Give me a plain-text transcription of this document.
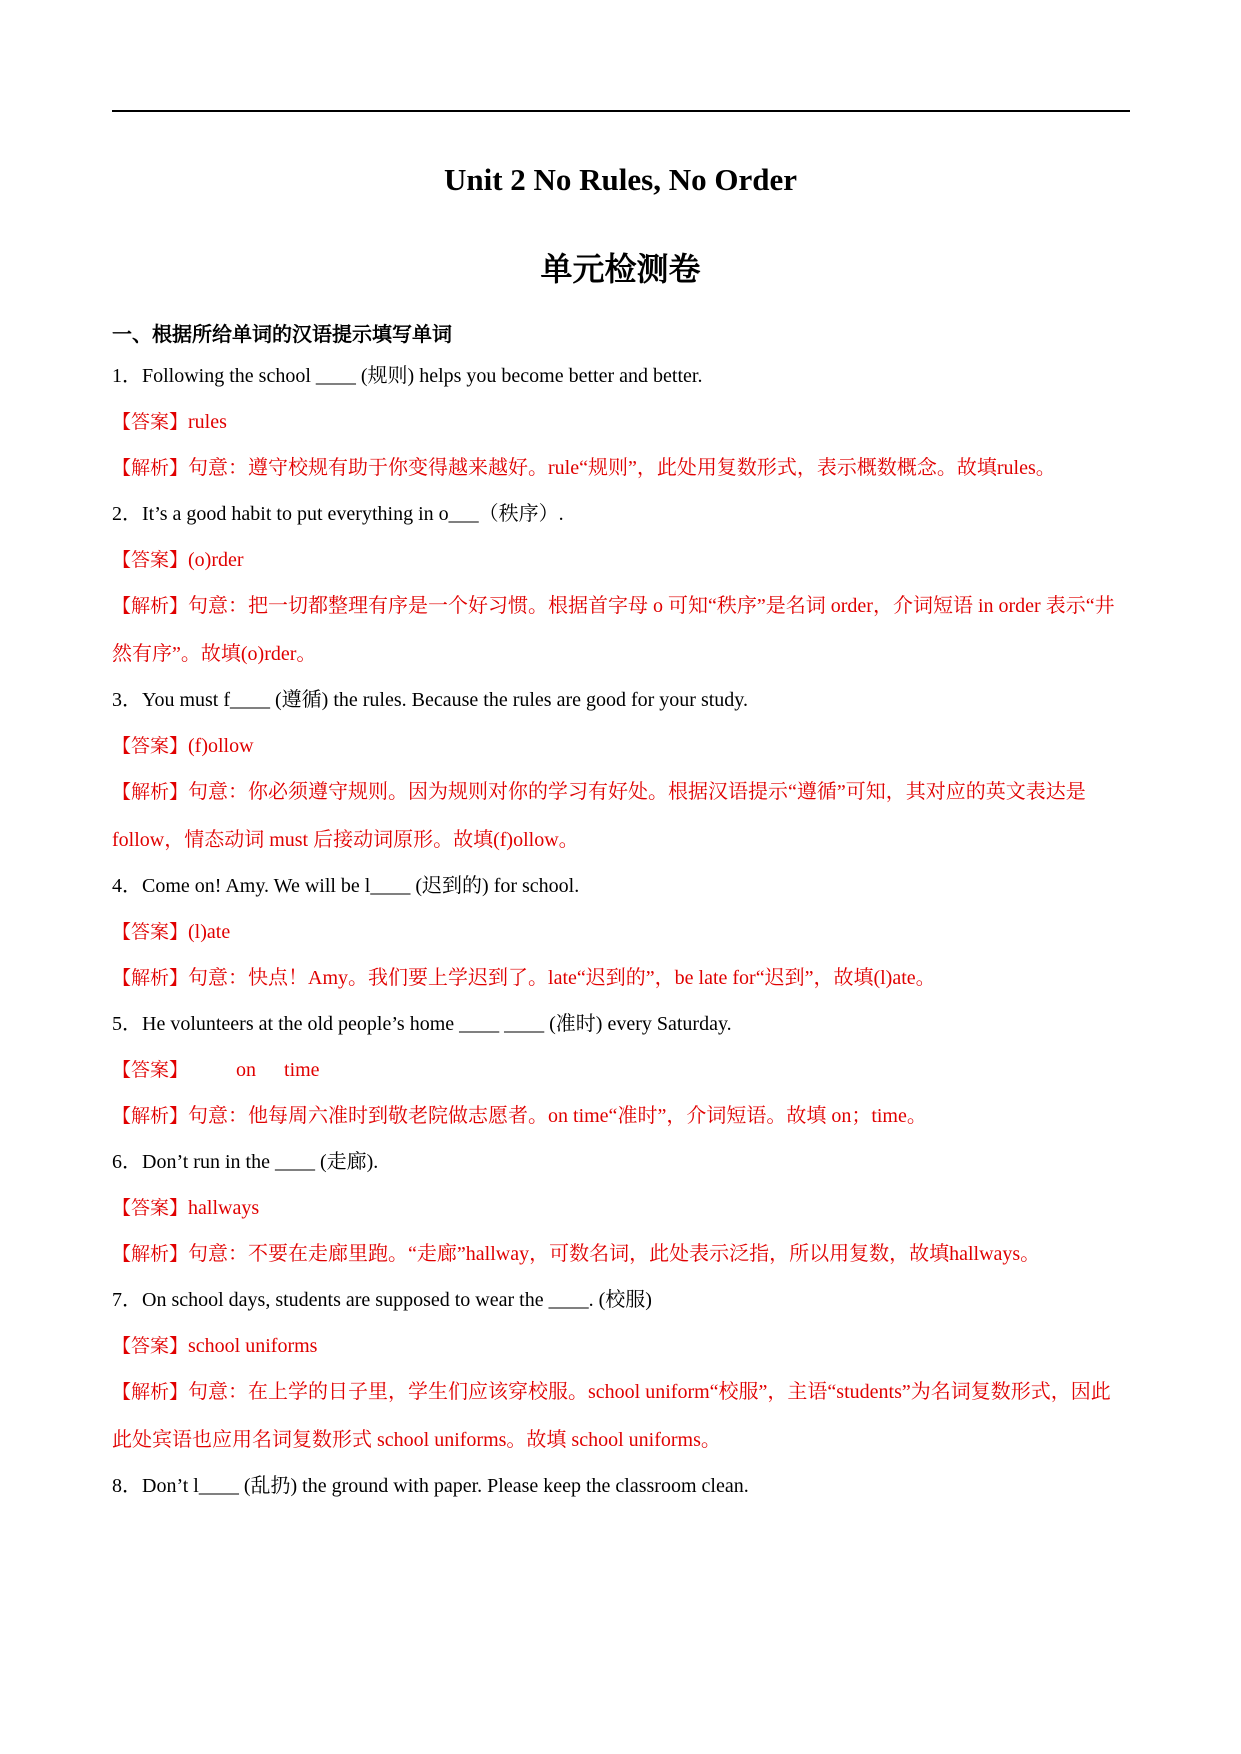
Unit 2 No Rules, No Order
单元检测卷
一、根据所给单词的汉语提示填写单词

1．Following the school ____ (规则) helps you become better and better.

【答案】rules

【解析】句意：遵守校规有助于你变得越来越好。rule“规则”，此处用复数形式，表示概数概念。故填rules。

2．It’s a good habit to put everything in o___（秩序）.

【答案】(o)rder

【解析】句意：把一切都整理有序是一个好习惯。根据首字母 o 可知“秩序”是名词 order，介词短语 in order 表示“井然有序”。故填(o)rder。

3．You must f____ (遵循) the rules. Because the rules are good for your study.

【答案】(f)ollow

【解析】句意：你必须遵守规则。因为规则对你的学习有好处。根据汉语提示“遵循”可知，其对应的英文表达是 follow，情态动词 must 后接动词原形。故填(f)ollow。

4．Come on! Amy. We will be l____ (迟到的) for school.

【答案】(l)ate

【解析】句意：快点！Amy。我们要上学迟到了。late“迟到的”，be late for“迟到”，故填(l)ate。

5．He volunteers at the old people’s home ____ ____ (准时) every Saturday.

【答案】 on time

【解析】句意：他每周六准时到敬老院做志愿者。on time“准时”，介词短语。故填 on；time。

6．Don’t run in the ____ (走廊).

【答案】hallways

【解析】句意：不要在走廊里跑。“走廊”hallway，可数名词，此处表示泛指，所以用复数，故填hallways。

7．On school days, students are supposed to wear the ____. (校服)

【答案】school uniforms

【解析】句意：在上学的日子里，学生们应该穿校服。school uniform“校服”，主语“students”为名词复数形式，因此此处宾语也应用名词复数形式 school uniforms。故填 school uniforms。

8．Don’t l____ (乱扔) the ground with paper. Please keep the classroom clean.
